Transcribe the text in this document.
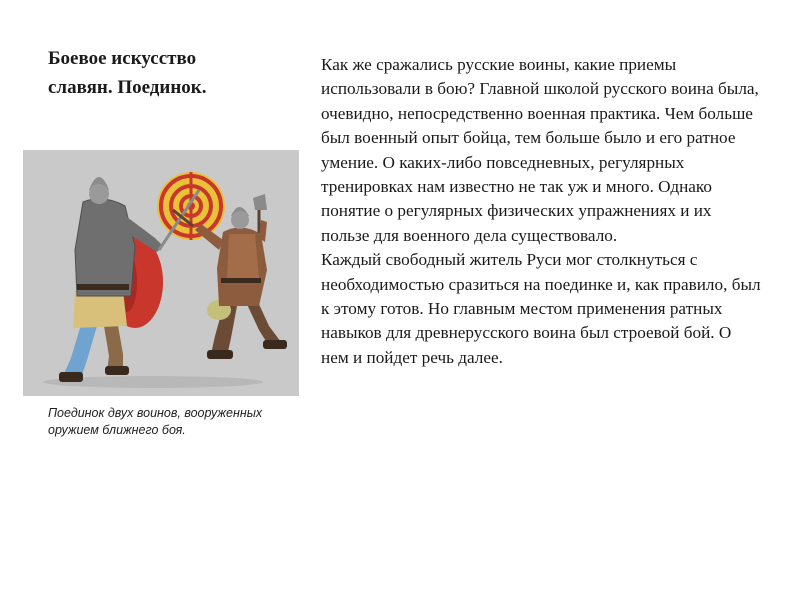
Боевое искусство
славян. Поединок.
Поединок двух воинов, вооруженных оружием ближнего боя.

Как же сражались русские воины, какие приемы использовали в бою? Главной школой русского воина была, очевидно, непосредственно военная практика. Чем больше был военный опыт бойца, тем больше было и его ратное умение. О каких-либо повседневных, регулярных тренировках нам известно не так уж и много. Однако понятие о регулярных физических упражнениях и их пользе для военного дела существовало.

Каждый свободный житель Руси мог столкнуться с необходимостью сразиться на поединке и, как правило, был к этому готов. Но главным местом применения ратных навыков для древнерусского воина был строевой бой. О нем и пойдет речь далее.
